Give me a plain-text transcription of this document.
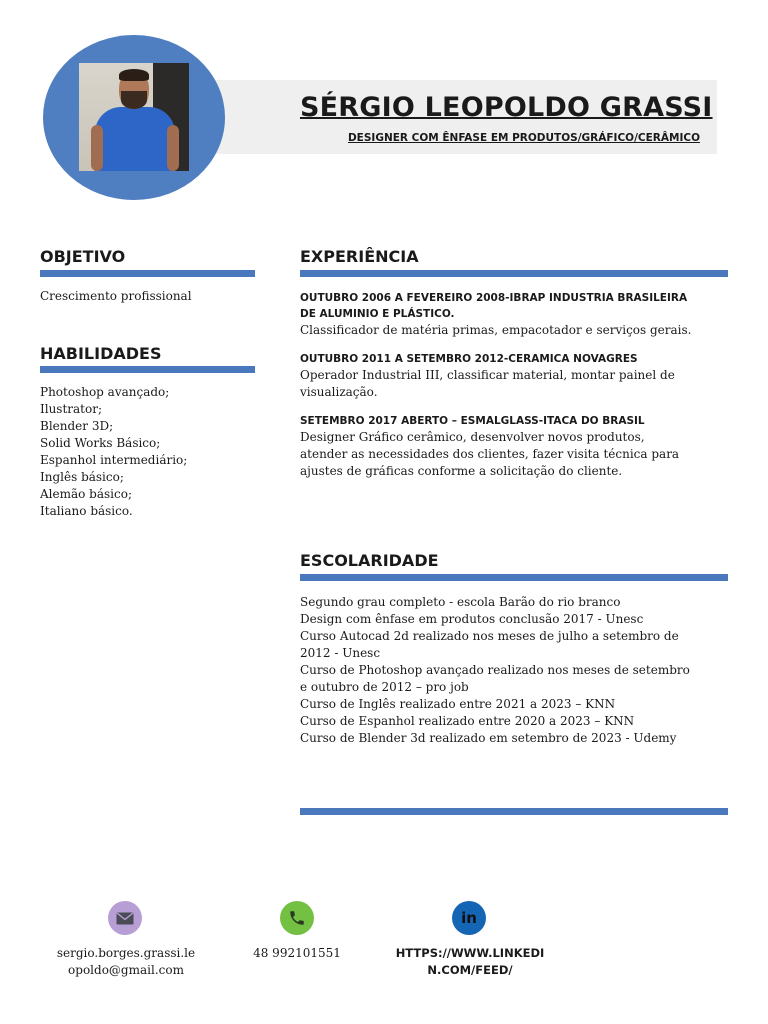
SÉRGIO LEOPOLDO GRASSI
DESIGNER COM ÊNFASE EM PRODUTOS/GRÁFICO/CERÂMICO
OBJETIVO
Crescimento profissional
HABILIDADES
Photoshop avançado;
Ilustrator;
Blender 3D;
Solid Works Básico;
Espanhol intermediário;
Inglês básico;
Alemão básico;
Italiano básico.
EXPERIÊNCIA
OUTUBRO 2006 A FEVEREIRO 2008-IBRAP INDUSTRIA BRASILEIRA
DE ALUMINIO E PLÁSTICO.
Classificador de matéria primas, empacotador e serviços gerais.
OUTUBRO 2011 A SETEMBRO 2012-CERAMICA NOVAGRES
Operador Industrial III, classificar material, montar painel de
visualização.
SETEMBRO 2017 ABERTO – ESMALGLASS-ITACA DO BRASIL
Designer Gráfico cerâmico, desenvolver novos produtos,
atender as necessidades dos clientes, fazer visita técnica para
ajustes de gráficas conforme a solicitação do cliente.
ESCOLARIDADE
Segundo grau completo - escola Barão do rio branco
Design com ênfase em produtos conclusão 2017 - Unesc
Curso Autocad 2d realizado nos meses de julho a setembro de
2012 - Unesc
Curso de Photoshop avançado realizado nos meses de setembro
e outubro de 2012 – pro job
Curso de Inglês realizado entre 2021 a 2023 – KNN
Curso de Espanhol realizado entre 2020 a 2023 – KNN
Curso de Blender 3d realizado em setembro de 2023 - Udemy
sergio.borges.grassi.le
opoldo@gmail.com
48 992101551
in
HTTPS://WWW.LINKEDI
N.COM/FEED/
